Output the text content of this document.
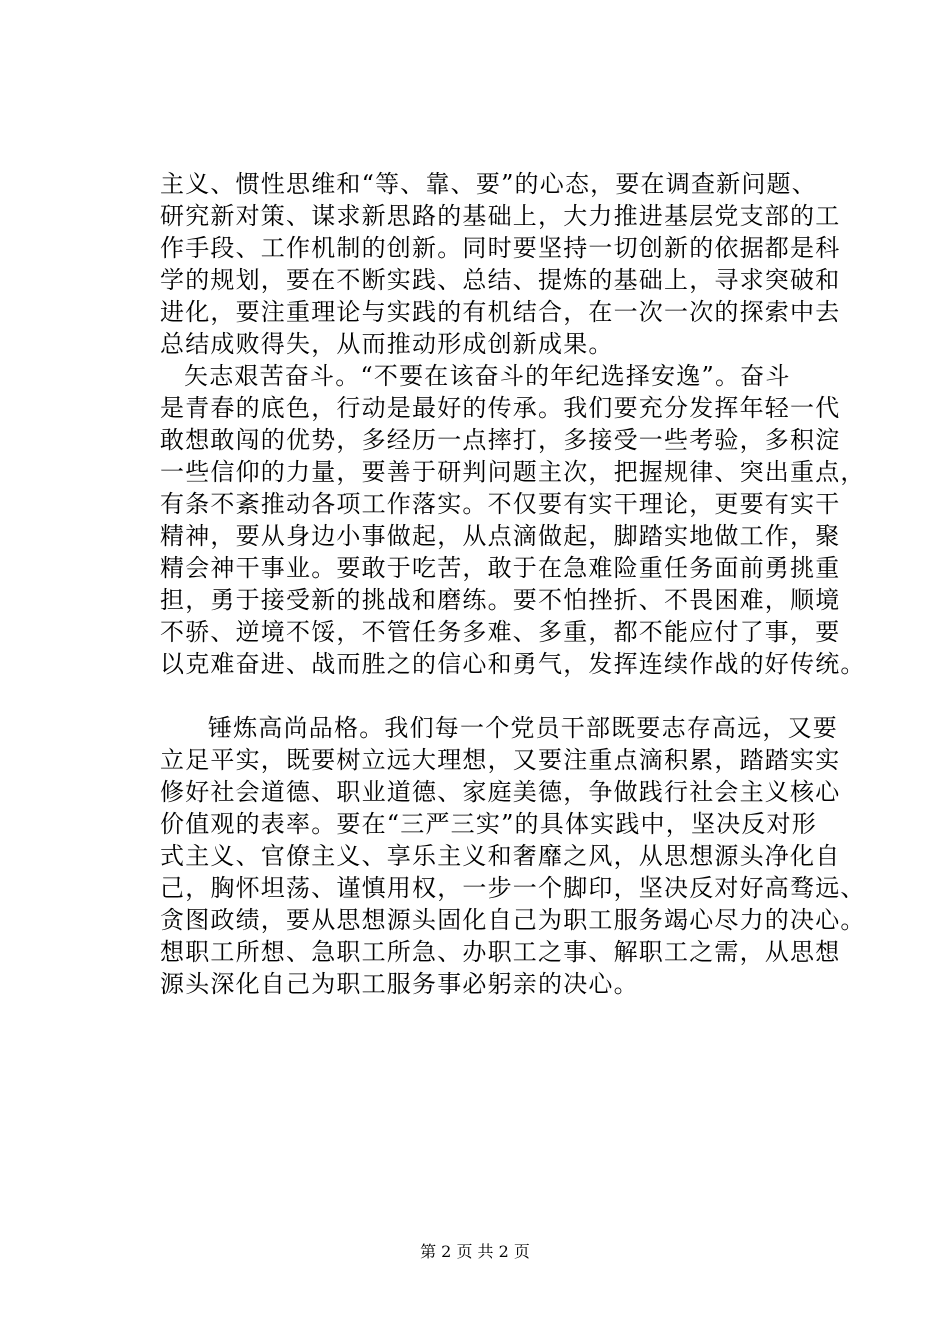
主义、惯性思维和“等、靠、要”的心态，要在调查新问题、
研究新对策、谋求新思路的基础上，大力推进基层党支部的工
作手段、工作机制的创新。同时要坚持一切创新的依据都是科
学的规划，要在不断实践、总结、提炼的基础上，寻求突破和
进化，要注重理论与实践的有机结合，在一次一次的探索中去
总结成败得失，从而推动形成创新成果。
矢志艰苦奋斗。“不要在该奋斗的年纪选择安逸”。奋斗
是青春的底色，行动是最好的传承。我们要充分发挥年轻一代
敢想敢闯的优势，多经历一点摔打，多接受一些考验，多积淀
一些信仰的力量，要善于研判问题主次，把握规律、突出重点，
有条不紊推动各项工作落实。不仅要有实干理论，更要有实干
精神，要从身边小事做起，从点滴做起，脚踏实地做工作，聚
精会神干事业。要敢于吃苦，敢于在急难险重任务面前勇挑重
担，勇于接受新的挑战和磨练。要不怕挫折、不畏困难，顺境
不骄、逆境不馁，不管任务多难、多重，都不能应付了事，要
以克难奋进、战而胜之的信心和勇气，发挥连续作战的好传统。
锤炼高尚品格。我们每一个党员干部既要志存高远，又要
立足平实，既要树立远大理想，又要注重点滴积累，踏踏实实
修好社会道德、职业道德、家庭美德，争做践行社会主义核心
价值观的表率。要在“三严三实”的具体实践中，坚决反对形
式主义、官僚主义、享乐主义和奢靡之风，从思想源头净化自
己，胸怀坦荡、谨慎用权，一步一个脚印，坚决反对好高骛远、
贪图政绩，要从思想源头固化自己为职工服务竭心尽力的决心。
想职工所想、急职工所急、办职工之事、解职工之需，从思想
源头深化自己为职工服务事必躬亲的决心。
第 2 页 共 2 页
